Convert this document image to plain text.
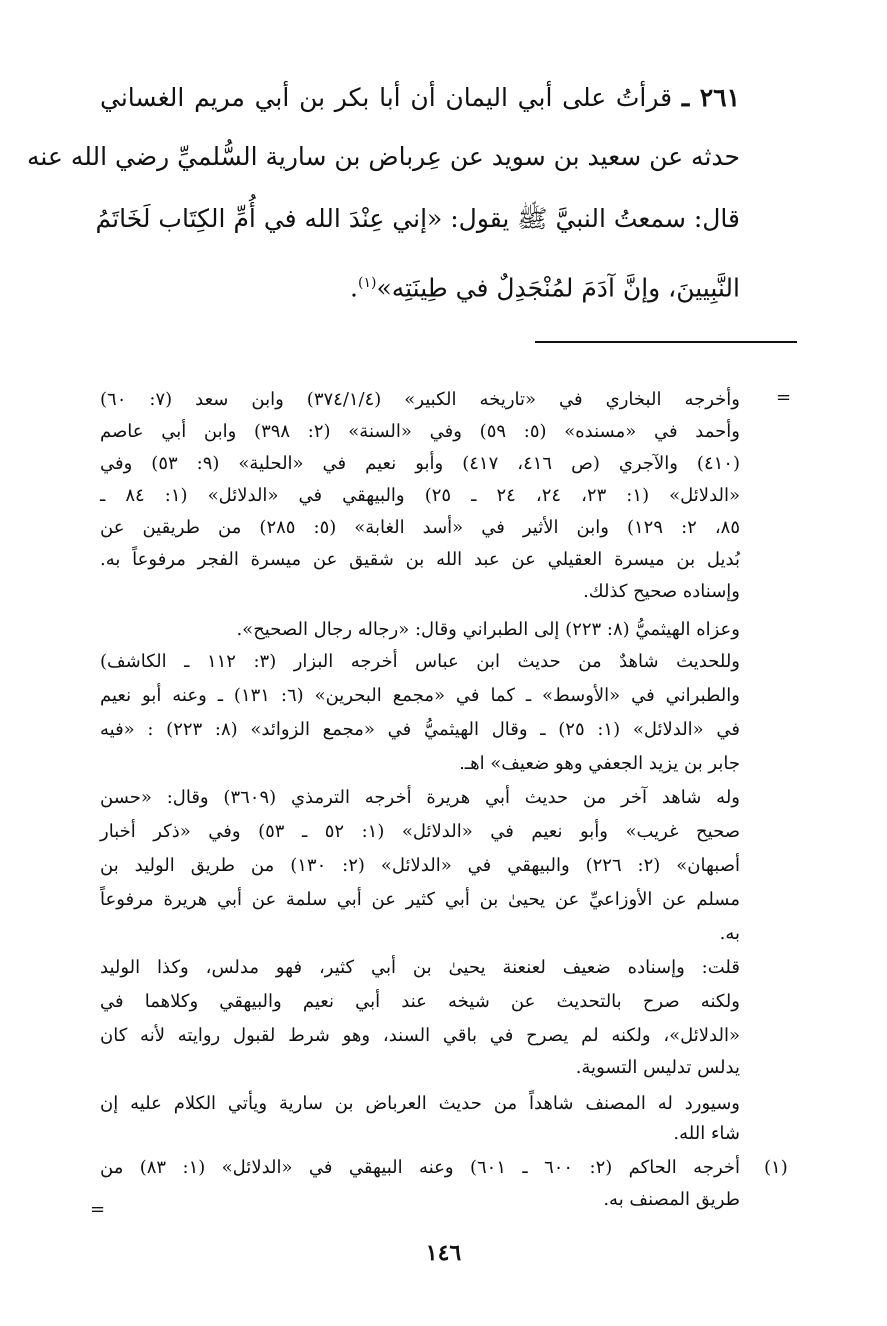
٢٦١ ـ قرأتُ على أبي اليمان أن أبا بكر بن أبي مريم الغساني
حدثه عن سعيد بن سويد عن عِرباض بن سارية السُّلميِّ رضي الله عنه
قال: سمعتُ النبيَّ ﷺ يقول: «إني عِنْدَ الله في أُمِّ الكِتَاب لَخَاتَمُ
النَّبِيينَ، وإنَّ آدَمَ لمُنْجَدِلٌ في طِينَتِه»$^{(١)}$.
=
وأخرجه البخاري في «تاريخه الكبير» (٣٧٤/١/٤) وابن سعد (٧: ٦٠)
وأحمد في «مسنده» (٥: ٥٩) وفي «السنة» (٢: ٣٩٨) وابن أبي عاصم
(٤١٠) والآجري (ص ٤١٦، ٤١٧) وأبو نعيم في «الحلية» (٩: ٥٣) وفي
«الدلائل» (١: ٢٣، ٢٤، ٢٤ ـ ٢٥) والبيهقي في «الدلائل» (١: ٨٤ ـ
٨٥، ٢: ١٢٩) وابن الأثير في «أسد الغابة» (٥: ٢٨٥) من طريقين عن
بُديل بن ميسرة العقيلي عن عبد الله بن شقيق عن ميسرة الفجر مرفوعاً به.
وإسناده صحيح كذلك.
وعزاه الهيثميُّ (٨: ٢٢٣) إلى الطبراني وقال: «رجاله رجال الصحيح».
وللحديث شاهدٌ من حديث ابن عباس أخرجه البزار (٣: ١١٢ ـ الكاشف)
والطبراني في «الأوسط» ـ كما في «مجمع البحرين» (٦: ١٣١) ـ وعنه أبو نعيم
في «الدلائل» (١: ٢٥) ـ وقال الهيثميُّ في «مجمع الزوائد» (٨: ٢٢٣) : «فيه
جابر بن يزيد الجعفي وهو ضعيف» اهـ.
وله شاهد آخر من حديث أبي هريرة أخرجه الترمذي (٣٦٠٩) وقال: «حسن
صحيح غريب» وأبو نعيم في «الدلائل» (١: ٥٢ ـ ٥٣) وفي «ذكر أخبار
أصبهان» (٢: ٢٢٦) والبيهقي في «الدلائل» (٢: ١٣٠) من طريق الوليد بن
مسلم عن الأوزاعيِّ عن يحيىٰ بن أبي كثير عن أبي سلمة عن أبي هريرة مرفوعاً
به.
قلت: وإسناده ضعيف لعنعنة يحيىٰ بن أبي كثير، فهو مدلس، وكذا الوليد
ولكنه صرح بالتحديث عن شيخه عند أبي نعيم والبيهقي وكلاهما في
«الدلائل»، ولكنه لم يصرح في باقي السند، وهو شرط لقبول روايته لأنه كان
يدلس تدليس التسوية.
وسيورد له المصنف شاهداً من حديث العرباض بن سارية ويأتي الكلام عليه إن
شاء الله.
أخرجه الحاكم (٢: ٦٠٠ ـ ٦٠١) وعنه البيهقي في «الدلائل» (١: ٨٣) من
طريق المصنف به.
(١)
=
١٤٦
